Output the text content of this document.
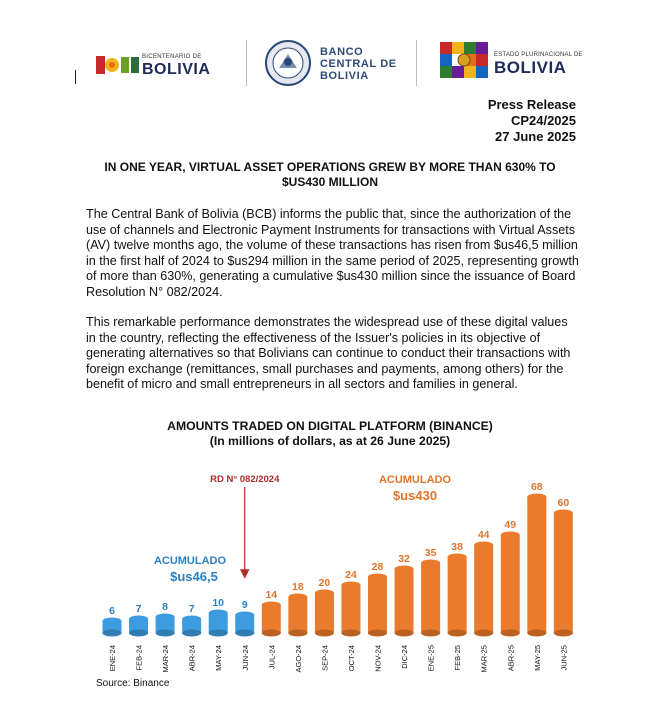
BICENTENARIO DE
BOLIVIA
BANCO
CENTRAL DE
BOLIVIA
ESTADO PLURINACIONAL DE
BOLIVIA
Press Release
CP24/2025
27 June 2025
IN ONE YEAR, VIRTUAL ASSET OPERATIONS GREW BY MORE THAN 630% TO
$US430 MILLION
The Central Bank of Bolivia (BCB) informs the public that, since the authorization of the use of channels and Electronic Payment Instruments for transactions with Virtual Assets (AV) twelve months ago, the volume of these transactions has risen from $us46,5 million in the first half of 2024 to $us294 million in the same period of 2025, representing growth of more than 630%, generating a cumulative $us430 million since the issuance of Board Resolution N° 082/2024.
This remarkable performance demonstrates the widespread use of these digital values in the country, reflecting the effectiveness of the Issuer's policies in its objective of generating alternatives so that Bolivians can continue to conduct their transactions with foreign exchange (remittances, small purchases and payments, among others) for the benefit of micro and small entrepreneurs in all sectors and families in general.
AMOUNTS TRADED ON DIGITAL PLATFORM (BINANCE)
(In millions of dollars, as at 26 June 2025)
6
ENE-24
7
FEB-24
8
MAR-24
7
ABR-24
10
MAY-24
9
JUN-24
14
JUL-24
18
AGO-24
20
SEP-24
24
OCT-24
28
NOV-24
32
DIC-24
35
ENE-25
38
FEB-25
44
MAR-25
49
ABR-25
68
MAY-25
60
JUN-25
RD N° 082/2024
ACUMULADO
$us46,5
ACUMULADO
$us430
Source: Binance
